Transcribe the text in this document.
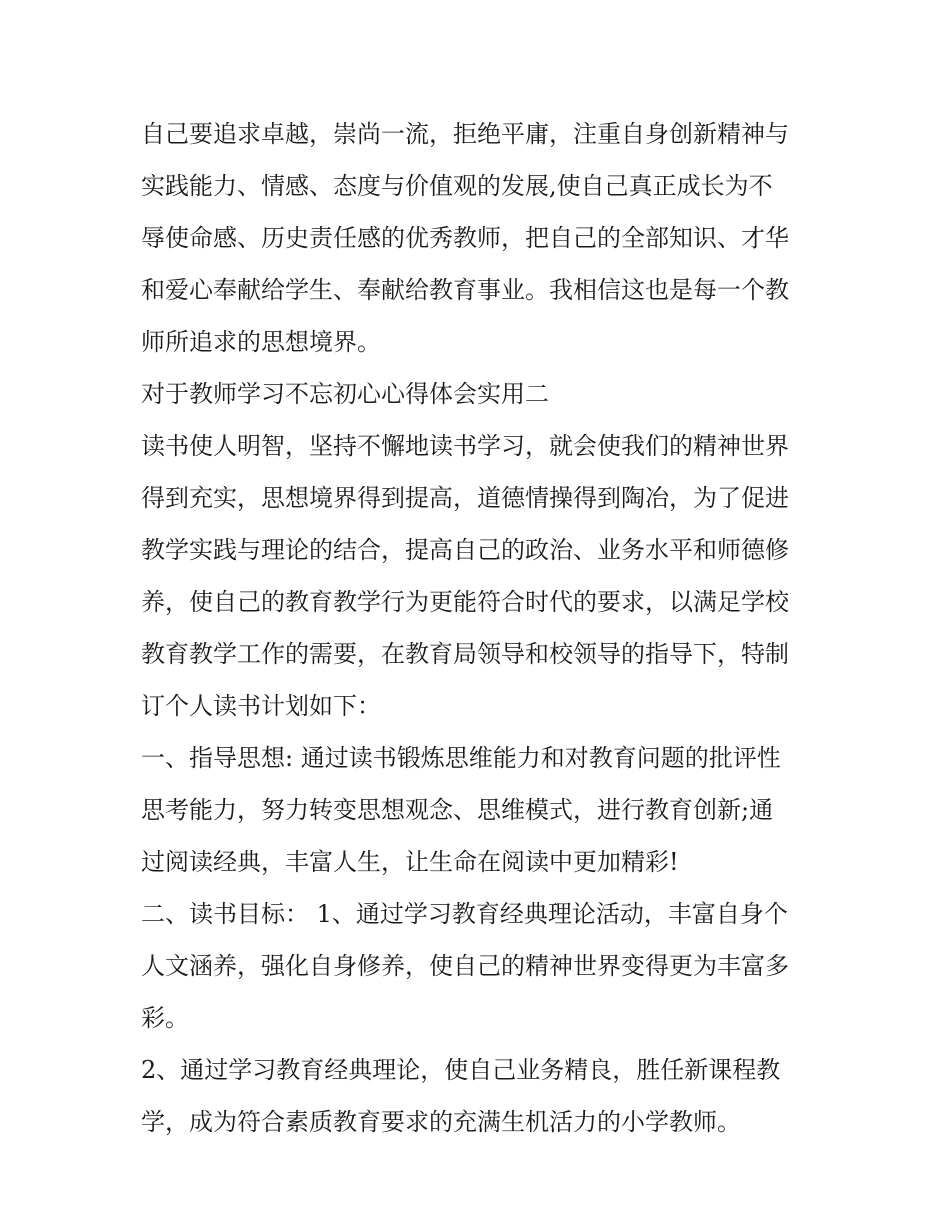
自己要追求卓越，崇尚一流，拒绝平庸，注重自身创新精神与
实践能力、情感、态度与价值观的发展,使自己真正成长为不
辱使命感、历史责任感的优秀教师，把自己的全部知识、才华
和爱心奉献给学生、奉献给教育事业。我相信这也是每一个教
师所追求的思想境界。
对于教师学习不忘初心心得体会实用二
读书使人明智，坚持不懈地读书学习，就会使我们的精神世界
得到充实，思想境界得到提高，道德情操得到陶冶，为了促进
教学实践与理论的结合，提高自己的政治、业务水平和师德修
养，使自己的教育教学行为更能符合时代的要求，以满足学校
教育教学工作的需要，在教育局领导和校领导的指导下，特制
订个人读书计划如下：
一、指导思想: 通过读书锻炼思维能力和对教育问题的批评性
思考能力，努力转变思想观念、思维模式，进行教育创新;通
过阅读经典，丰富人生，让生命在阅读中更加精彩!
二、读书目标： 1、通过学习教育经典理论活动，丰富自身个
人文涵养，强化自身修养，使自己的精神世界变得更为丰富多
彩。
2、通过学习教育经典理论，使自己业务精良，胜任新课程教
学，成为符合素质教育要求的充满生机活力的小学教师。
